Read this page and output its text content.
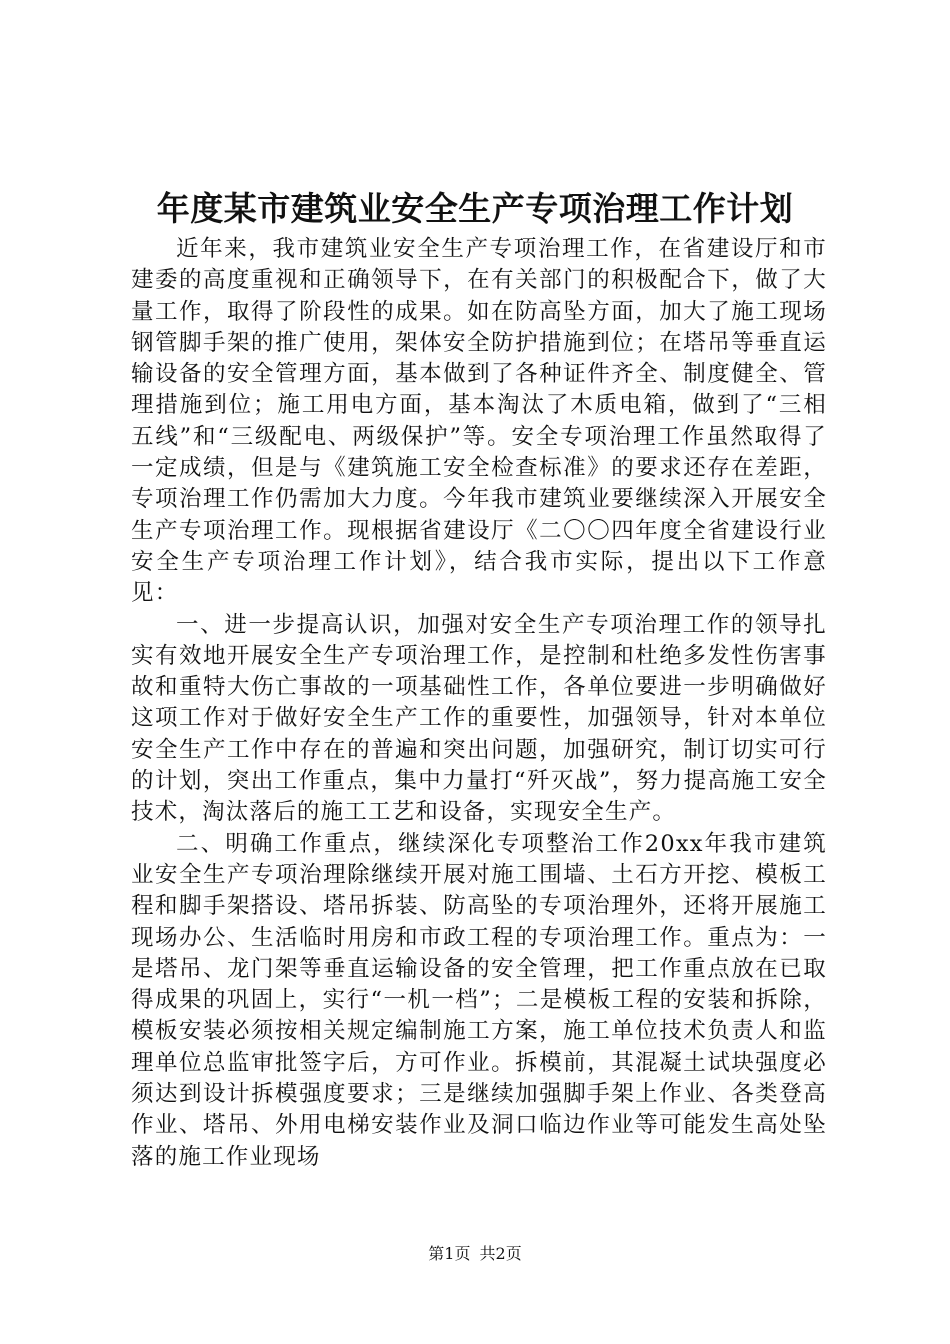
年度某市建筑业安全生产专项治理工作计划

近年来，我市建筑业安全生产专项治理工作，在省建设厅和市建委的高度重视和正确领导下，在有关部门的积极配合下，做了大量工作，取得了阶段性的成果。如在防高坠方面，加大了施工现场钢管脚手架的推广使用，架体安全防护措施到位；在塔吊等垂直运输设备的安全管理方面，基本做到了各种证件齐全、制度健全、管理措施到位；施工用电方面，基本淘汰了木质电箱，做到了“三相五线”和“三级配电、两级保护”等。安全专项治理工作虽然取得了一定成绩，但是与《建筑施工安全检查标准》的要求还存在差距，专项治理工作仍需加大力度。今年我市建筑业要继续深入开展安全生产专项治理工作。现根据省建设厅《二〇〇四年度全省建设行业安全生产专项治理工作计划》，结合我市实际，提出以下工作意见：

一、进一步提高认识，加强对安全生产专项治理工作的领导扎实有效地开展安全生产专项治理工作，是控制和杜绝多发性伤害事故和重特大伤亡事故的一项基础性工作，各单位要进一步明确做好这项工作对于做好安全生产工作的重要性，加强领导，针对本单位安全生产工作中存在的普遍和突出问题，加强研究，制订切实可行的计划，突出工作重点，集中力量打“歼灭战”，努力提高施工安全技术，淘汰落后的施工工艺和设备，实现安全生产。

二、明确工作重点，继续深化专项整治工作20xx年我市建筑业安全生产专项治理除继续开展对施工围墙、土石方开挖、模板工程和脚手架搭设、塔吊拆装、防高坠的专项治理外，还将开展施工现场办公、生活临时用房和市政工程的专项治理工作。重点为：一是塔吊、龙门架等垂直运输设备的安全管理，把工作重点放在已取得成果的巩固上，实行“一机一档”；二是模板工程的安装和拆除，模板安装必须按相关规定编制施工方案，施工单位技术负责人和监理单位总监审批签字后，方可作业。拆模前，其混凝土试块强度必须达到设计拆模强度要求；三是继续加强脚手架上作业、各类登高作业、塔吊、外用电梯安装作业及洞口临边作业等可能发生高处坠落的施工作业现场

第1页 共2页
